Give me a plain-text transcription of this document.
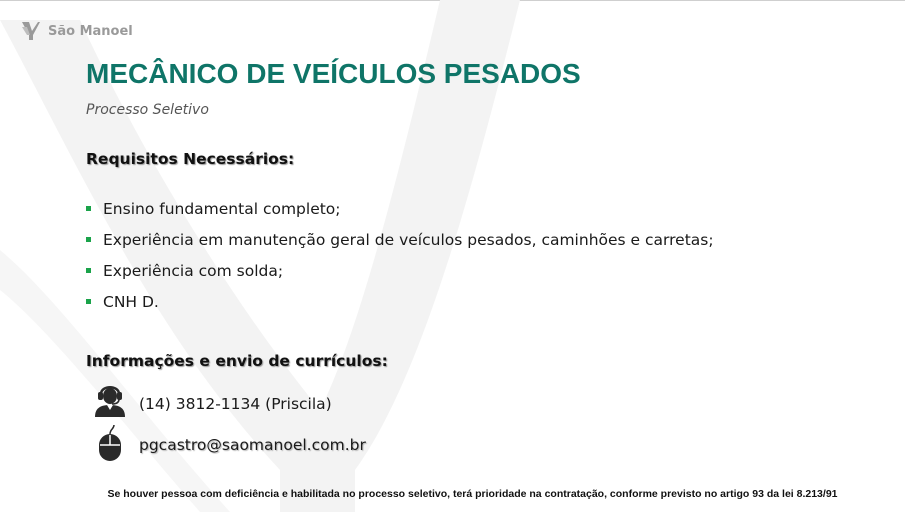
São Manoel
MECÂNICO DE VEÍCULOS PESADOS
Processo Seletivo
Requisitos Necessários:
Ensino fundamental completo;
Experiência em manutenção geral de veículos pesados, caminhões e carretas;
Experiência com solda;
CNH D.
Informações e envio de currículos:
(14) 3812-1134 (Priscila)
pgcastro@saomanoel.com.br
Se houver pessoa com deficiência e habilitada no processo seletivo, terá prioridade na contratação, conforme previsto no artigo 93 da lei 8.213/91
